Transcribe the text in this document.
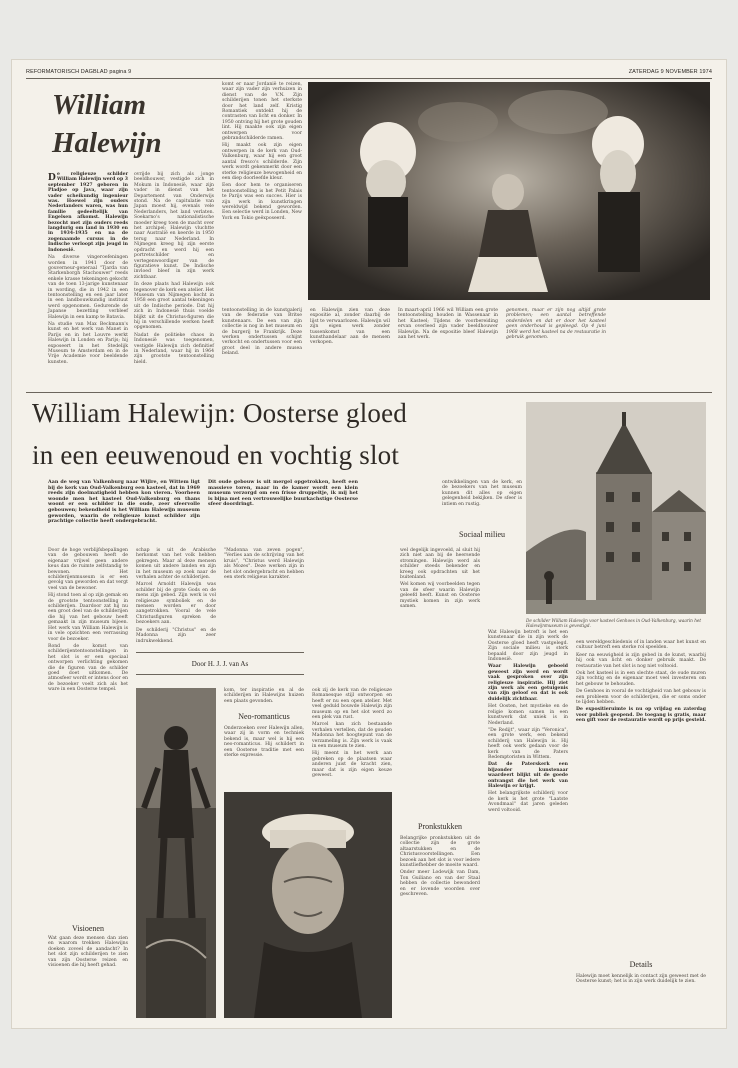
REFORMATORISCH DAGBLAD pagina 9	ZATERDAG 9 NOVEMBER 1974
William
Halewijn

De religieuze schilder William Halewijn werd op 3 september 1927 geboren in Pladjoe op Java, waar zijn vader scheikundig ingenieur was. Hoewel zijn ouders Nederlanders waren, was hun familie gedeeltelijk van Engelsen afkomst. Halewijn bezocht met zijn ouders reeds langdurig om land in 1930 en in 1934-1935 en na de zogenaamde cursus in de Indische verloopt zijn jeugd in Indonesië.

Na diverse vingeroefeningen worden in 1941 door de gouverneur-generaal "Tjarda van Starkenborgh Stachouwer" reeds enkele krasse tekeningen gekocht van de toen 13-jarige kunstenaar in wording, die in 1942 in een tentoonstelling en een jaar later in een landbouwkundig instituut werd opgenomen. Gedurende de Japanse bezetting verbleef Halewijn in een kamp te Batavia.

Na studie van Max Beckmann's kunst en het werk van Manet in Parijs en in het Louvre werkt Halewijn in Londen en Parijs; hij exposeert in het Stedelijk Museum te Amsterdam en in de Vrije Academie voor beeldende kunsten.

ovrijde bij zich als jonge beeldhouwer, vestigde zich in Mokum in Indonesië, waar zijn vader in dienst van het Departement van Onderwijs stond. Na de capitulatie van Japan moest hij, evenals vele Nederlanders, het land verlaten. Soekarno's nationalistische moeder kreeg toen de macht over het archipel; Halewijn vluchtte naar Australië en keerde in 1950 terug naar Nederland. In Nijmegen kreeg hij zijn eerste opdracht en werd hij een portretschilder en vertegenwoordiger van de figuratieve kunst. De Indische invloed bleef in zijn werk zichtbaar.

In deze plaats had Halewijn ook tegenover de kerk een atelier. Het Museum van Nijmegen kocht in 1958 een groot aantal tekeningen uit de Indische periode. Dat hij zich in Indonesië thuis voelde blijkt uit de Christus-figuren die hij in verschillende werken heeft opgenomen.

Nadat de politieke chaos in Indonesië was toegenomen, vestigde Halewijn zich definitief in Nederland, waar hij in 1964 zijn grootste tentoonstelling hield.

komt er naar Jordanië te reizen, waar zijn vader zijn verhuizen in dienst van de V.N. Zijn schilderijen tonen het sterkste door het land zelf. Kristig Romantiek ontdekt hij de contrasten van licht en donker. In 1950 ontving hij het grote gouden lint. Hij maakte ook zijn eigen ontwerpen voor gebrandschilderde ramen.

Hij maakt ook zijn eigen ontwerpen in de kerk van Oud-Valkenburg, waar hij een groot aantal fresco's schilderde. Zijn werk wordt gekenmerkt door een sterke religieuze bewogenheid en een diep doorleefde kleur.

Een door hem te organiseren tentoonstelling is het Petit Palais te Parijs was een succes. Hier is zijn werk in kunstkringen wereldwijd bekend geworden. Een selectie werd in Londen, New York en Tokio geëxposeerd.

tentoonstelling in de kunstgalerij van de federatie van Britse kunstenaars. De een van zijn collectie is nog in het museum en de burgerij te Frankrijk. Deze werken ondertussen schijnt verkocht en ondertussen voor een groot deel in andere musea beland.

en Halewijn zien van deze expositie al, zonder daarbij de lijst te verwaarlozen. Halewijn wil zijn eigen werk zonder tussenkomst van een kunsthandelaar aan de mensen verkopen.

In maart-april 1966 wil William een grote tentoonstelling houden in Wassenaar in het Kasteel; Tijdens de voorbereiding ervan overleed zijn vader beeldhouwer Halewijn. Na de expositie bleef Halewijn aan het werk.

genomen, maar er zijn nog altijd grote problemen; een aantal betreffende onderdelen en dat er door het kasteel geen onderhoud is gepleegd. Op 4 juni 1968 werd het kasteel na de restauratie in gebruik genomen.

William Halewijn: Oosterse gloed
in een eeuwenoud en vochtig slot
De schilder William Halewijn voor kasteel Genhoes in Oud-Valkenburg, waarin het Halewijnmuseum is gevestigd.

Aan de weg van Valkenburg naar Wijlre, en Wittem ligt bij de kerk van Oud-Valkenburg een kasteel, dat in 1969 reeds zijn doelmatigheid hebben kon vieren. Voorheen woonde men het kasteel Oud-Valkenburg en thans woont er een schilder in die oude, zeer sfeervolle gebouwen; bekendheid is het William Halewijn museum geworden, waarin de religieuze kunst schilder zijn prachtige collectie heeft ondergebracht.

Dit oude gebouw is uit mergel opgetrokken, heeft een massieve toren, maar in de kamer wordt een klein museum verzorgd om een frisse druppeltje, ik mij het is bijna met een vertrouwelijke buurkachstige Oosterse sfeer doordringt.

Door de hoge verblijfsbepalingen van de gebouwen heeft de eigenaar vrijwel geen andere keus dan de ruimte zelfstandig te bewonen. Het schilderijenmuseum is er een gevolg van geworden en dat vergt veel van de bewoner.

Hij stond toen al op zijn gemak en de grootste tentoonstelling in schilderijen. Daardoor zat hij nu een groot deel van de schilderijen die hij van het gebouw heeft gemaakt in zijn museum bijeen. Het werk van William Halewijn is in vele opzichten een verrassing voor de bezoeker.

Rond de komst van schilderijententoonstellingen in het slot is er een speciaal ontworpen verlichting gekomen die de figuren van de schilder goed doet uitkomen. De atmosfeer wordt er intens door en de bezoeker voelt zich als het ware in een Oosterse tempel.

Visioenen

Wat gaan deze mensen dan zien en waarom trekken Halewijns doeken zoveel de aandacht? In het slot zijn schilderijen te zien van zijn Oosterse reizen en visioenen die hij heeft gehad.

schap is uit de Arabische herkomst van het volk hebben gekregen. Maar al deze mensen komen uit andere landen en zijn in het museum op zoek naar de verhalen achter de schilderijen.

Marcel Arnoldt Halewijn was schilder bij de grote Gods en de mens zijn gebed. Zijn werk is vol religieuze symboliek en de mensen worden er door aangetrokken. Vooral de vele Christusfiguren spreken de bezoekers aan.

De schilderij "Christus" en de Madonna zijn zeer indrukwekkend.

"Madonna van zeven pogen", "Verlies aan de schrijving van het kruis", "Christus werd Halewijn als Mozes". Deze werken zijn in het slot ondergebracht en hebben een sterk religieus karakter.

Door H. J. J. van As

kom, ter inspiratie en al de schilderijen in Halewijns huizen een plaats gevonden.

Neo-romanticus

Onderzoeken over Halewijn allen, waar zij in vorm en techniek bekend is, maar wel is hij een neo-romanticus. Hij schildert in een Oosterse traditie met een sterke expressie.

ook zij de kerk van de religieuze Romanesque stijl ontworpen en heeft er nu een open atelier. Met veel geduld bouwde Halewijn zijn museum op en het slot werd zo een plek van rust.

Marcel kan zich bestaande verhalen vertellen, dat de gouden Madonna het hoogtepunt van de verzameling is. Zijn werk is vaak in een museum te zien.

Hij meent in het werk aan gebreken op de plaatsen waar anderen juist de kracht zien, maar dat is zijn eigen keuze geweest.

wel degelijk ingevoeld, al sluit hij zich niet aan bij de heersende stromingen. Halewijn werd als schilder steeds bekender en kreeg ook opdrachten uit het buitenland.

Wel komen wij voorbeelden tegen van de sfeer waarin Halewijn geleefd heeft. Kunst en Oosterse mystiek komen in zijn werk samen.

Pronkstukken

Belangrijke pronkstukken uit de collectie zijn de grote altaarstukken en de Christusvoorstellingen. Een bezoek aan het slot is voor iedere kunstliefhebber de moeite waard.

Onder meer Lodewijk van Dam, Ton Guiliano en van der Staal hebben de collectie bewonderd en er lovende woorden over geschreven.

ontwikkelingen van de kerk, en de bezoekers van het museum kunnen dit alles op eigen gelegenheid bekijken. De sfeer is intiem en rustig.

Sociaal milieu

Wat Halewijn betreft is het een kunstenaar die in zijn werk de Oosterse gloed heeft vastgelegd. Zijn sociale milieu is sterk bepaald door zijn jeugd in Indonesië.

Waar Halewijn geboeid geweest zijn werd en wordt vaak gesproken over zijn religieuze inspiratie. Hij ziet zijn werk als een getuigenis van zijn geloof en dat is ook duidelijk zichtbaar.

Het Oosten, het mystieke en de religie komen samen in een kunstwerk dat uniek is in Nederland.

"De Redijt", waar zijn "Veronica", een grote werk, een bekend schilderij van Halewijn is. Hij heeft ook werk gedaan voor de kerk van de Paters Redemptoristen in Wittem.

Dat de Paterskerk een bijzonder kunstenaar waardeert blijkt uit de goede ontvangst die het werk van Halewijn er krijgt.

Het belangrijkste schilderij voor de kerk is het grote "Laatste Avondmaal" dat jaren geleden werd voltooid.

een wereldgeschiedenis of in landen waar het kunst en cultuur betreft een sterke rol speelden.

Keer na eeuwigheid is zijn gebed in de kunst, waarbij hij ook van licht en donker gebruik maakt. De restauratie van het slot is nog niet voltooid.

Ook het kasteel is in een slechte staat, de oude muren zijn vochtig en de eigenaar moet veel investeren om het gebouw te behouden.

De Genhoes in vooral de vochtigheid van het gebouw is een probleem voor de schilderijen, die er soms onder te lijden hebben.

De expositieruimte is nu op vrijdag en zaterdag voor publiek geopend. De toegang is gratis, maar een gift voor de restauratie wordt op prijs gesteld.

Details

Halewijn moet kennelijk in contact zijn geweest met de Oosterse kunst; het is in zijn werk duidelijk te zien.
